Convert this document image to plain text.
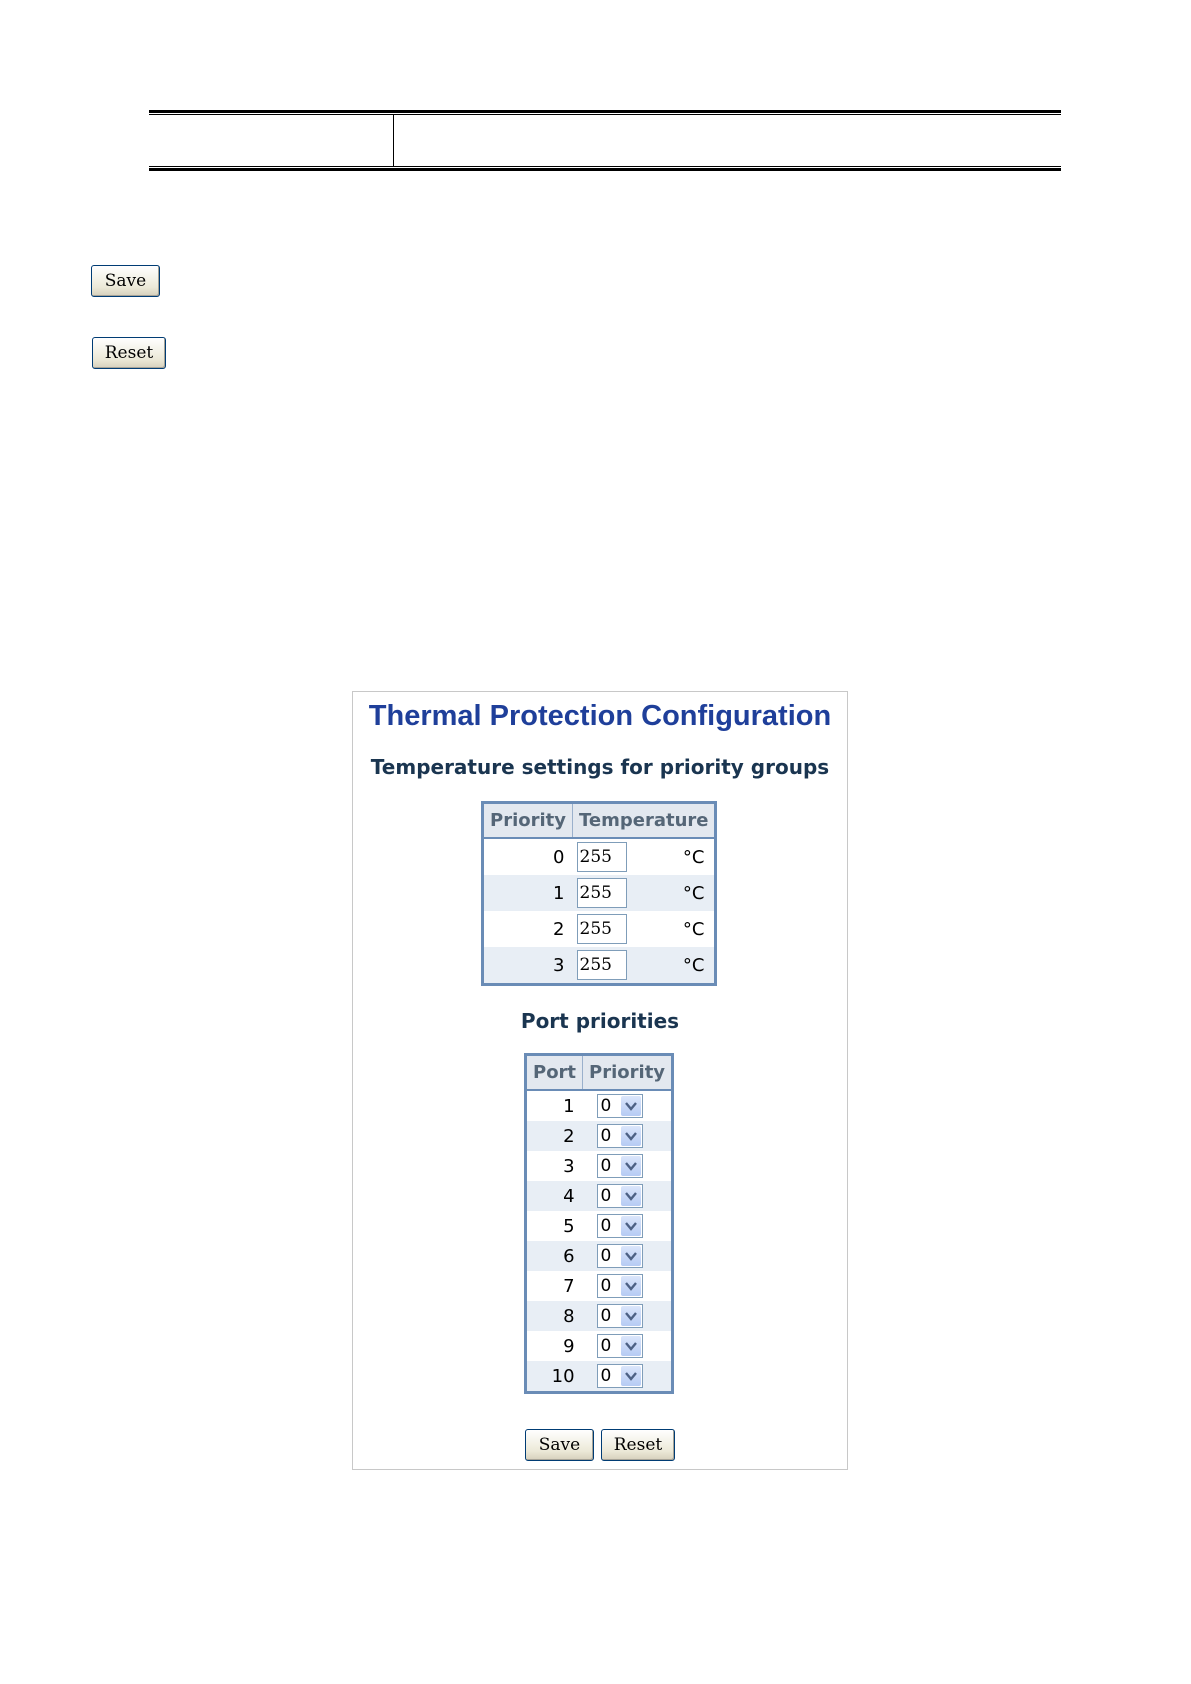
Save
Reset
Thermal Protection Configuration
Temperature settings for priority groups
Priority	Temperature	
0	255	°C
1	255	°C
2	255	°C
3	255	°C
Port priorities
Port	Priority
1	0

2	0

3	0

4	0

5	0

6	0

7	0

8	0

9	0

10	0
Save	Reset
